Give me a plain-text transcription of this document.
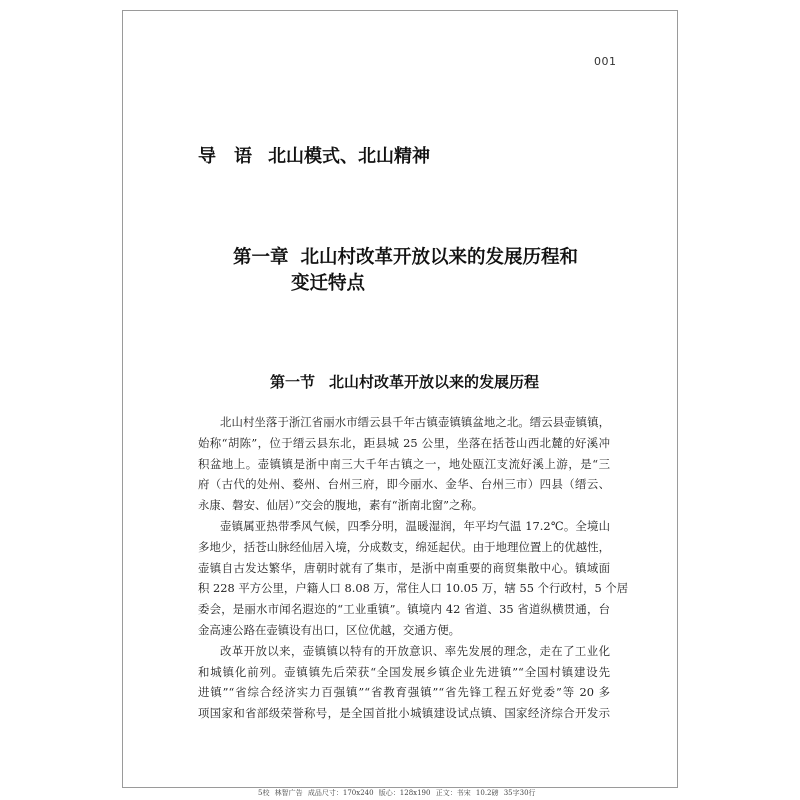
001
导　语 北山模式、北山精神
第一章 北山村改革开放以来的发展历程和
变迁特点
第一节 北山村改革开放以来的发展历程
北山村坐落于浙江省丽水市缙云县千年古镇壶镇镇盆地之北。缙云县壶镇镇，
始称“胡陈”，位于缙云县东北，距县城 25 公里，坐落在括苍山西北麓的好溪冲
积盆地上。壶镇镇是浙中南三大千年古镇之一，地处瓯江支流好溪上游，是“三
府（古代的处州、婺州、台州三府，即今丽水、金华、台州三市）四县（缙云、
永康、磐安、仙居）”交会的腹地，素有“浙南北窗”之称。
壶镇属亚热带季风气候，四季分明，温暖湿润，年平均气温 17.2℃。全境山
多地少，括苍山脉经仙居入境，分成数支，绵延起伏。由于地理位置上的优越性，
壶镇自古发达繁华，唐朝时就有了集市，是浙中南重要的商贸集散中心。镇域面
积 228 平方公里，户籍人口 8.08 万，常住人口 10.05 万，辖 55 个行政村，5 个居
委会，是丽水市闻名遐迩的“工业重镇”。镇境内 42 省道、35 省道纵横贯通，台
金高速公路在壶镇设有出口，区位优越，交通方便。
改革开放以来，壶镇镇以特有的开放意识、率先发展的理念，走在了工业化
和城镇化前列。壶镇镇先后荣获“全国发展乡镇企业先进镇”“全国村镇建设先
进镇”“省综合经济实力百强镇”“省教育强镇”“省先锋工程五好党委”等 20 多
项国家和省部级荣誉称号，是全国首批小城镇建设试点镇、国家经济综合开发示
5校 林智广告 成品尺寸：170x240 版心：128x190 正文：书宋 10.2磅 35字30行
